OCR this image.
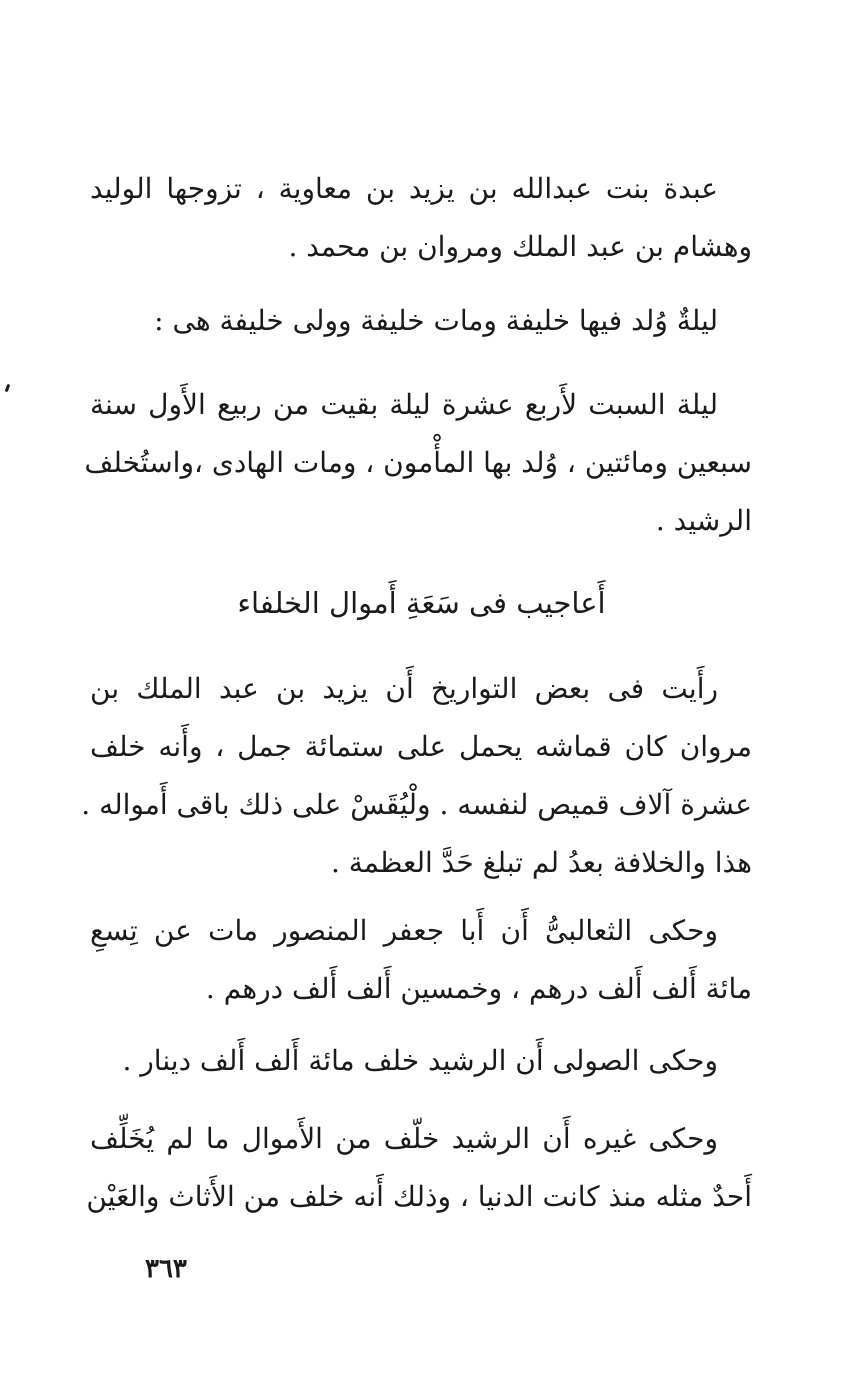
عبدة بنت عبدالله بن يزيد بن معاوية ، تزوجها الوليد
وهشام بن عبد الملك ومروان بن محمد .
ليلةٌ وُلد فيها خليفة ومات خليفة وولى خليفة هى :
ليلة السبت لأَربع عشرة ليلة بقيت من ربيع الأَول سنة
سبعين ومائتين ، وُلد بها المأْمون ، ومات الهادى ،واستُخلف
الرشيد .
أَعاجيب فى سَعَةِ أَموال الخلفاء
رأَيت فى بعض التواريخ أَن يزيد بن عبد الملك بن
مروان كان قماشه يحمل على ستمائة جمل ، وأَنه خلف
عشرة آلاف قميص لنفسه . ولْيُقَسْ على ذلك باقى أَمواله .
هذا والخلافة بعدُ لم تبلغ حَدَّ العظمة .
وحكى الثعالبىُّ أَن أَبا جعفر المنصور مات عن تِسعِ
مائة أَلف أَلف درهم ، وخمسين أَلف أَلف درهم .
وحكى الصولى أَن الرشيد خلف مائة أَلف أَلف دينار .
وحكى غيره أَن الرشيد خلّف من الأَموال ما لم يُخَلِّف
أَحدٌ مثله منذ كانت الدنيا ، وذلك أَنه خلف من الأَثاث والعَيْن
٣٦٣
